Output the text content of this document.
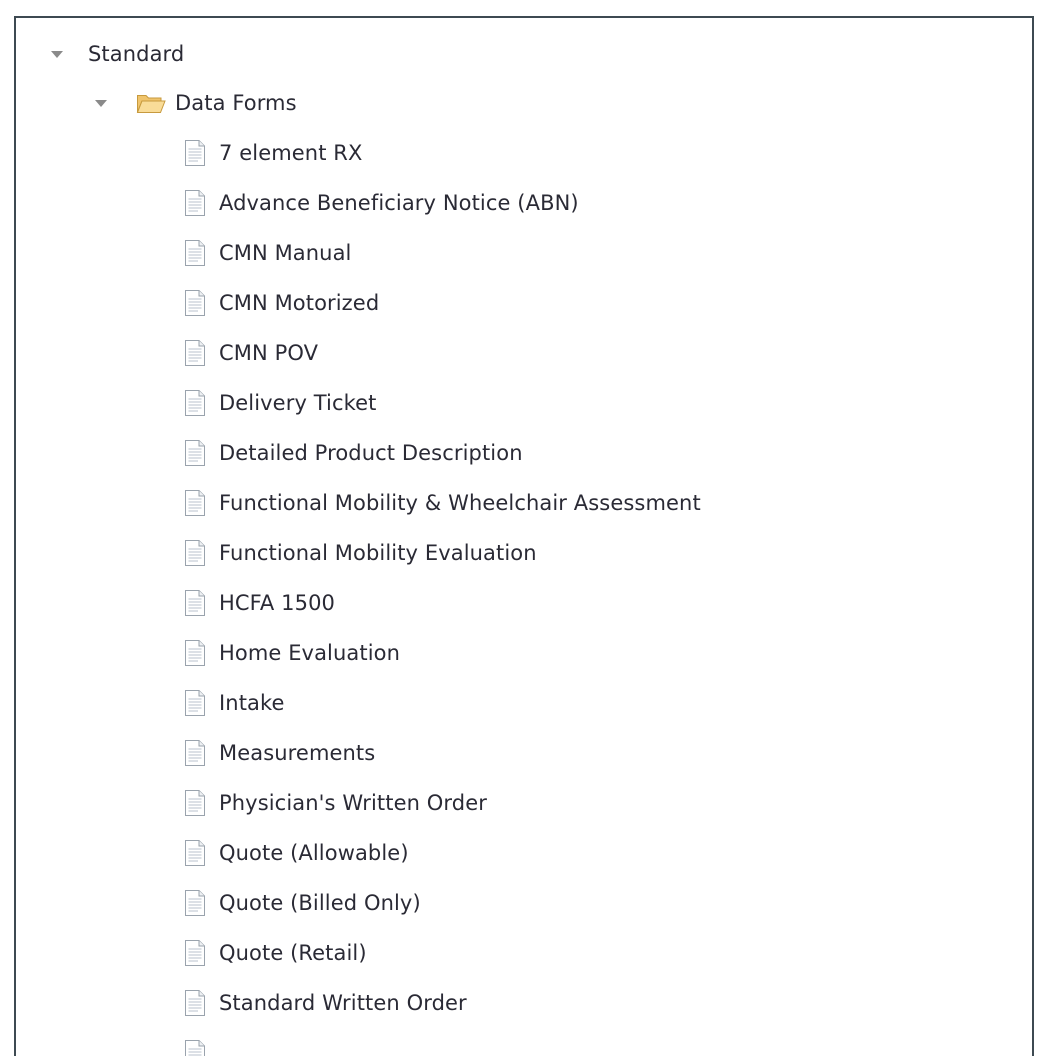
Standard
Data Forms
7 element RX
Advance Beneficiary Notice (ABN)
CMN Manual
CMN Motorized
CMN POV
Delivery Ticket
Detailed Product Description
Functional Mobility & Wheelchair Assessment
Functional Mobility Evaluation
HCFA 1500
Home Evaluation
Intake
Measurements
Physician's Written Order
Quote (Allowable)
Quote (Billed Only)
Quote (Retail)
Standard Written Order
